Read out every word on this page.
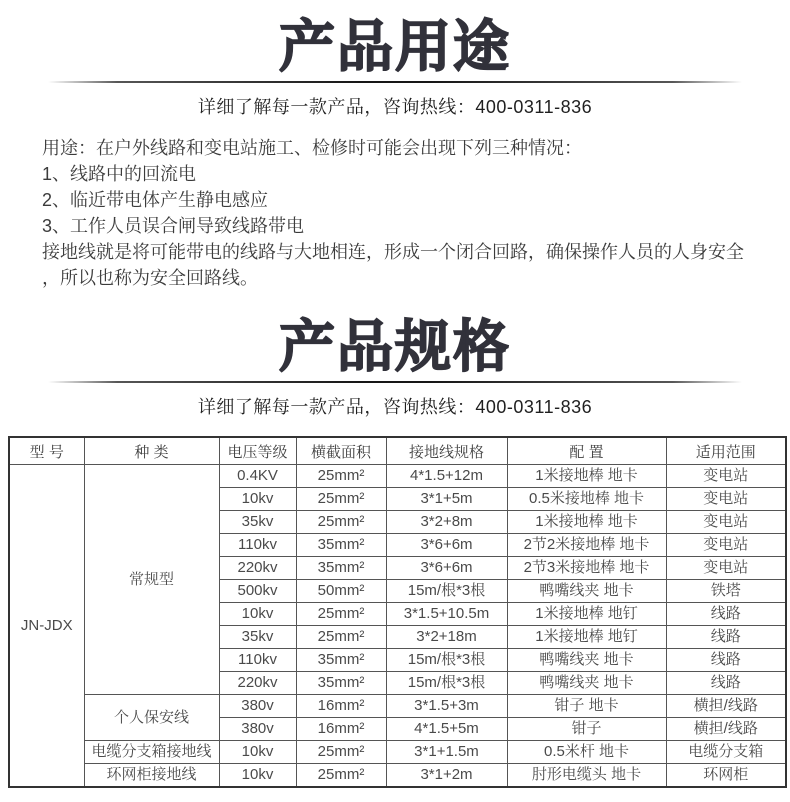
产品用途
详细了解每一款产品，咨询热线：400-0311-836
用途：在户外线路和变电站施工、检修时可能会出现下列三种情况：
1、线路中的回流电
2、临近带电体产生静电感应
3、工作人员误合闸导致线路带电
接地线就是将可能带电的线路与大地相连，形成一个闭合回路，确保操作人员的人身安全
，所以也称为安全回路线。
产品规格
详细了解每一款产品，咨询热线：400-0311-836
型 号	种 类	电压等级	横截面积	接地线规格	配 置	适用范围
JN-JDX	常规型	0.4KV	25mm²	4*1.5+12m	1米接地棒 地卡	变电站
		10kv	25mm²	3*1+5m	0.5米接地棒 地卡	变电站
		35kv	25mm²	3*2+8m	1米接地棒 地卡	变电站
		110kv	35mm²	3*6+6m	2节2米接地棒 地卡	变电站
		220kv	35mm²	3*6+6m	2节3米接地棒 地卡	变电站
		500kv	50mm²	15m/根*3根	鸭嘴线夹 地卡	铁塔
		10kv	25mm²	3*1.5+10.5m	1米接地棒 地钉	线路
		35kv	25mm²	3*2+18m	1米接地棒 地钉	线路
		110kv	35mm²	15m/根*3根	鸭嘴线夹 地卡	线路
		220kv	35mm²	15m/根*3根	鸭嘴线夹 地卡	线路
	个人保安线	380v	16mm²	3*1.5+3m	钳子 地卡	横担/线路
		380v	16mm²	4*1.5+5m	钳子	横担/线路
	电缆分支箱接地线	10kv	25mm²	3*1+1.5m	0.5米杆 地卡	电缆分支箱
	环网柜接地线	10kv	25mm²	3*1+2m	肘形电缆头 地卡	环网柜
